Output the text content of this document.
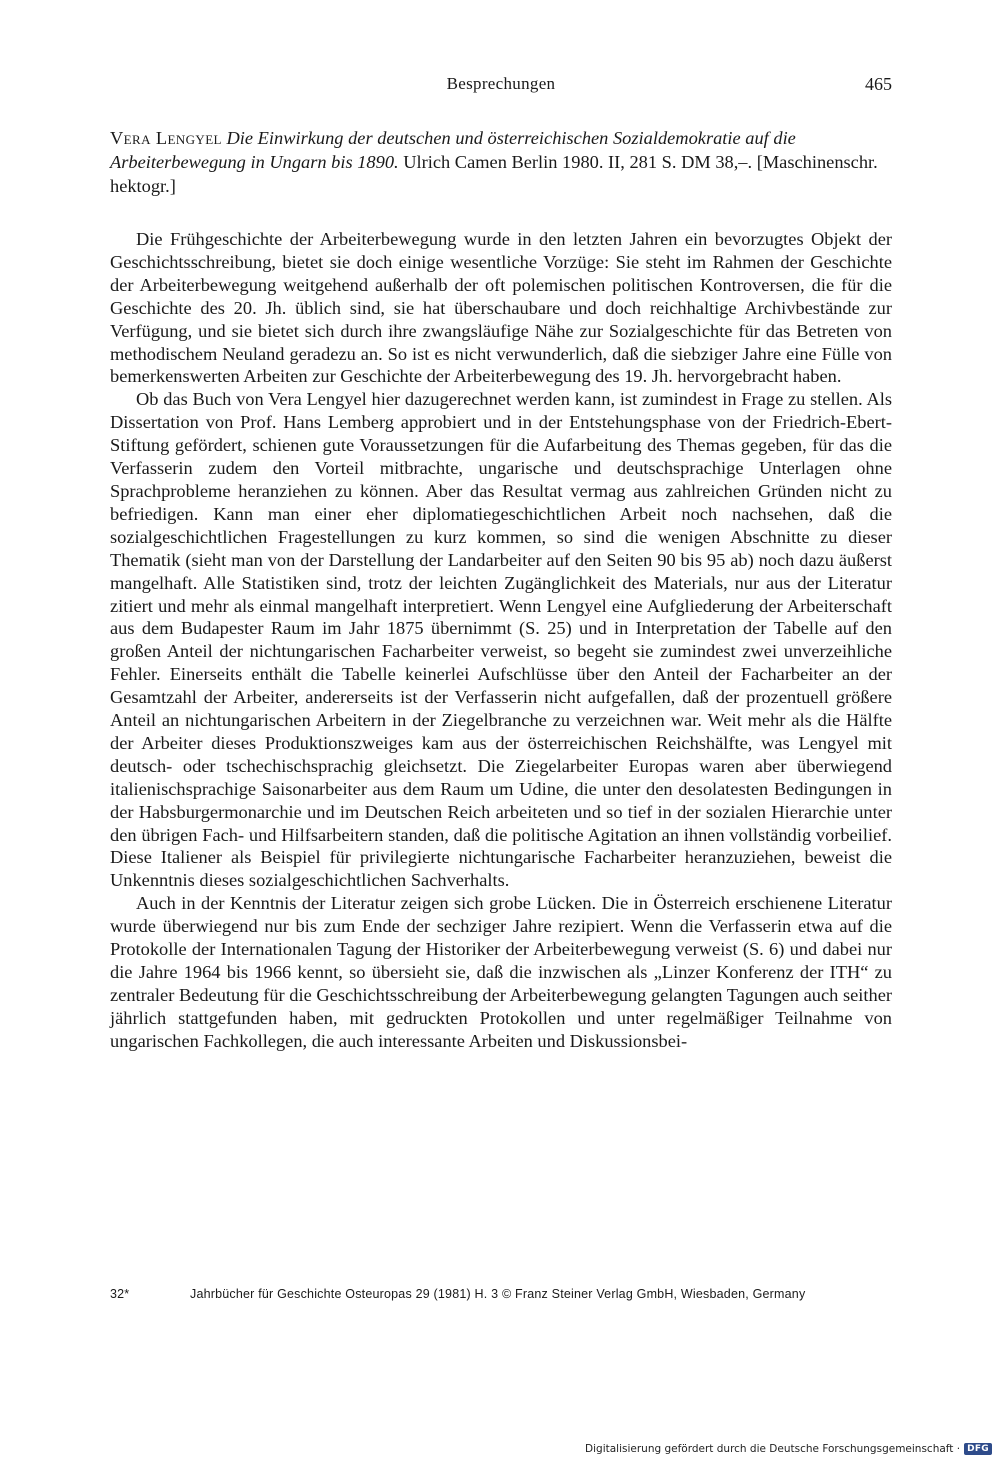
Besprechungen	465

Vera Lengyel Die Einwirkung der deutschen und österreichischen Sozialdemokratie auf die Arbeiterbewegung in Ungarn bis 1890. Ulrich Camen Berlin 1980. II, 281 S. DM 38,–. [Maschinenschr. hektogr.]

Die Frühgeschichte der Arbeiterbewegung wurde in den letzten Jahren ein bevorzugtes Objekt der Geschichtsschreibung, bietet sie doch einige wesentliche Vorzüge: Sie steht im Rahmen der Geschichte der Arbeiterbewegung weitgehend außerhalb der oft polemischen politischen Kontroversen, die für die Geschichte des 20. Jh. üblich sind, sie hat überschaubare und doch reichhaltige Archivbestände zur Verfügung, und sie bietet sich durch ihre zwangsläufige Nähe zur Sozialgeschichte für das Betreten von methodischem Neuland geradezu an. So ist es nicht verwunderlich, daß die siebziger Jahre eine Fülle von bemerkenswerten Arbeiten zur Geschichte der Arbeiterbewegung des 19. Jh. hervorgebracht haben.

Ob das Buch von Vera Lengyel hier dazugerechnet werden kann, ist zumindest in Frage zu stellen. Als Dissertation von Prof. Hans Lemberg approbiert und in der Entstehungsphase von der Friedrich-Ebert-Stiftung gefördert, schienen gute Voraussetzungen für die Aufarbeitung des Themas gegeben, für das die Verfasserin zudem den Vorteil mitbrachte, ungarische und deutschsprachige Unterlagen ohne Sprachprobleme heranziehen zu können. Aber das Resultat vermag aus zahlreichen Gründen nicht zu befriedigen. Kann man einer eher diplomatiegeschichtlichen Arbeit noch nachsehen, daß die sozialgeschichtlichen Fragestellungen zu kurz kommen, so sind die wenigen Abschnitte zu dieser Thematik (sieht man von der Darstellung der Landarbeiter auf den Seiten 90 bis 95 ab) noch dazu äußerst mangelhaft. Alle Statistiken sind, trotz der leichten Zugänglichkeit des Materials, nur aus der Literatur zitiert und mehr als einmal mangelhaft interpretiert. Wenn Lengyel eine Aufgliederung der Arbeiterschaft aus dem Budapester Raum im Jahr 1875 übernimmt (S. 25) und in Interpretation der Tabelle auf den großen Anteil der nichtungarischen Facharbeiter verweist, so begeht sie zumindest zwei unverzeihliche Fehler. Einerseits enthält die Tabelle keinerlei Aufschlüsse über den Anteil der Facharbeiter an der Gesamtzahl der Arbeiter, andererseits ist der Verfasserin nicht aufgefallen, daß der prozentuell größere Anteil an nichtungarischen Arbeitern in der Ziegelbranche zu verzeichnen war. Weit mehr als die Hälfte der Arbeiter dieses Produktionszweiges kam aus der österreichischen Reichshälfte, was Lengyel mit deutsch- oder tschechischsprachig gleichsetzt. Die Ziegelarbeiter Europas waren aber überwiegend italienischsprachige Saisonarbeiter aus dem Raum um Udine, die unter den desolatesten Bedingungen in der Habsburgermonarchie und im Deutschen Reich arbeiteten und so tief in der sozialen Hierarchie unter den übrigen Fach- und Hilfsarbeitern standen, daß die politische Agitation an ihnen vollständig vorbeilief. Diese Italiener als Beispiel für privilegierte nichtungarische Facharbeiter heranzuziehen, beweist die Unkenntnis dieses sozialgeschichtlichen Sachverhalts.

Auch in der Kenntnis der Literatur zeigen sich grobe Lücken. Die in Österreich erschienene Literatur wurde überwiegend nur bis zum Ende der sechziger Jahre rezipiert. Wenn die Verfasserin etwa auf die Protokolle der Internationalen Tagung der Historiker der Arbeiterbewegung verweist (S. 6) und dabei nur die Jahre 1964 bis 1966 kennt, so übersieht sie, daß die inzwischen als „Linzer Konferenz der ITH“ zu zentraler Bedeutung für die Geschichtsschreibung der Arbeiterbewegung gelangten Tagungen auch seither jährlich stattgefunden haben, mit gedruckten Protokollen und unter regelmäßiger Teilnahme von ungarischen Fachkollegen, die auch interessante Arbeiten und Diskussionsbei-

32*	Jahrbücher für Geschichte Osteuropas 29 (1981) H. 3 © Franz Steiner Verlag GmbH, Wiesbaden, Germany
Digitalisierung gefördert durch die Deutsche Forschungsgemeinschaft · DFG
